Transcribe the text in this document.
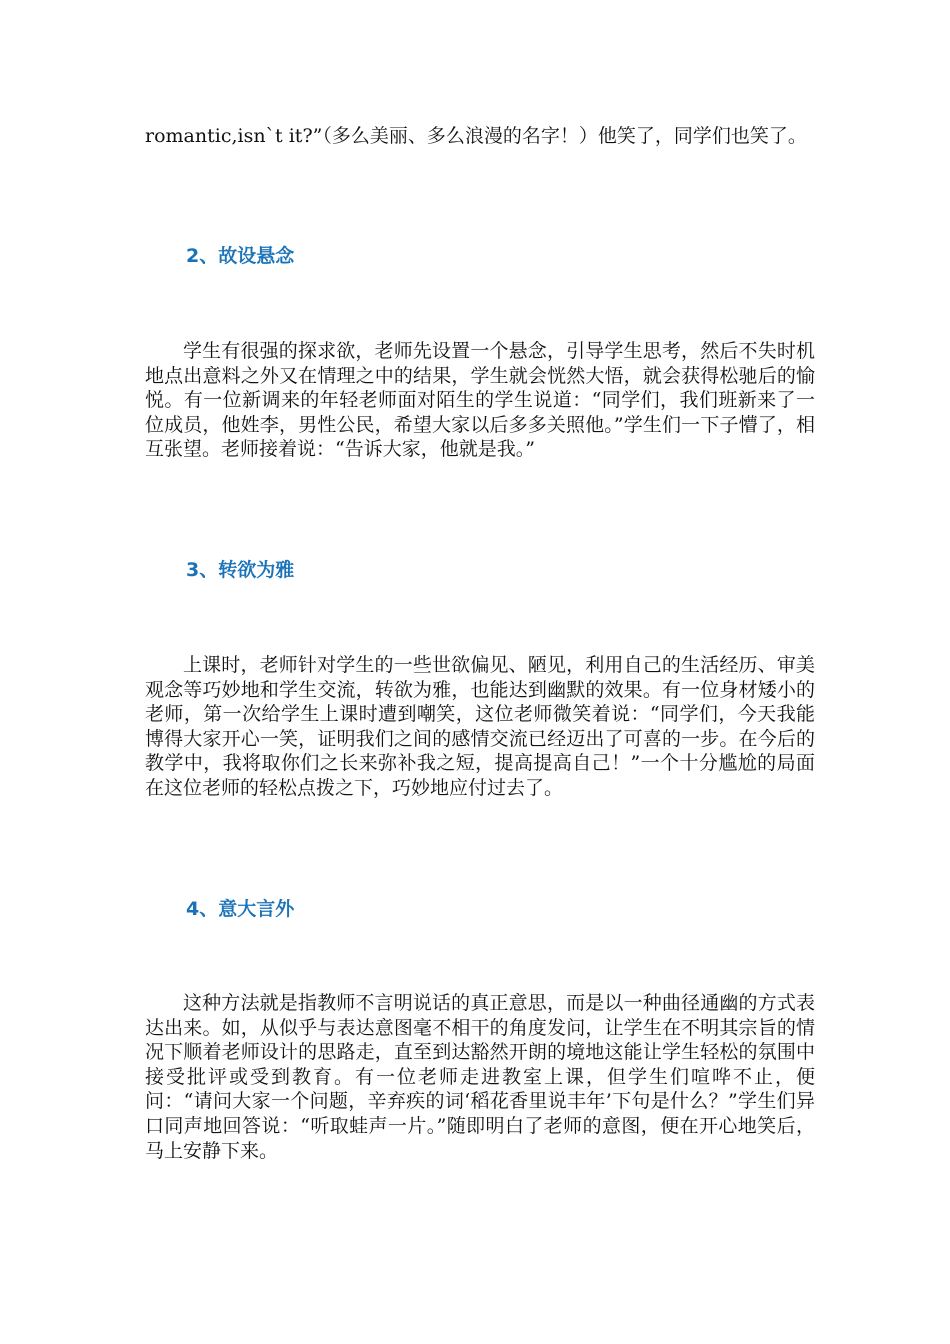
romantic,isn`t it?”（多么美丽、多么浪漫的名字！）他笑了，同学们也笑了。

2、故设悬念

学生有很强的探求欲，老师先设置一个悬念，引导学生思考，然后不失时机地点出意料之外又在情理之中的结果，学生就会恍然大悟，就会获得松驰后的愉悦。有一位新调来的年轻老师面对陌生的学生说道：“同学们，我们班新来了一位成员，他姓李，男性公民，希望大家以后多多关照他。”学生们一下子懵了，相互张望。老师接着说：“告诉大家，他就是我。”

3、转欲为雅

上课时，老师针对学生的一些世欲偏见、陋见，利用自己的生活经历、审美观念等巧妙地和学生交流，转欲为雅，也能达到幽默的效果。有一位身材矮小的老师，第一次给学生上课时遭到嘲笑，这位老师微笑着说：“同学们，今天我能博得大家开心一笑，证明我们之间的感情交流已经迈出了可喜的一步。在今后的教学中，我将取你们之长来弥补我之短，提高提高自己！”一个十分尴尬的局面在这位老师的轻松点拨之下，巧妙地应付过去了。

4、意大言外

这种方法就是指教师不言明说话的真正意思，而是以一种曲径通幽的方式表达出来。如，从似乎与表达意图毫不相干的角度发问，让学生在不明其宗旨的情况下顺着老师设计的思路走，直至到达豁然开朗的境地这能让学生轻松的氛围中接受批评或受到教育。有一位老师走进教室上课，但学生们喧哗不止，便问：“请问大家一个问题，辛弃疾的词‘稻花香里说丰年’下句是什么？”学生们异口同声地回答说：“听取蛙声一片。”随即明白了老师的意图，便在开心地笑后，马上安静下来。
